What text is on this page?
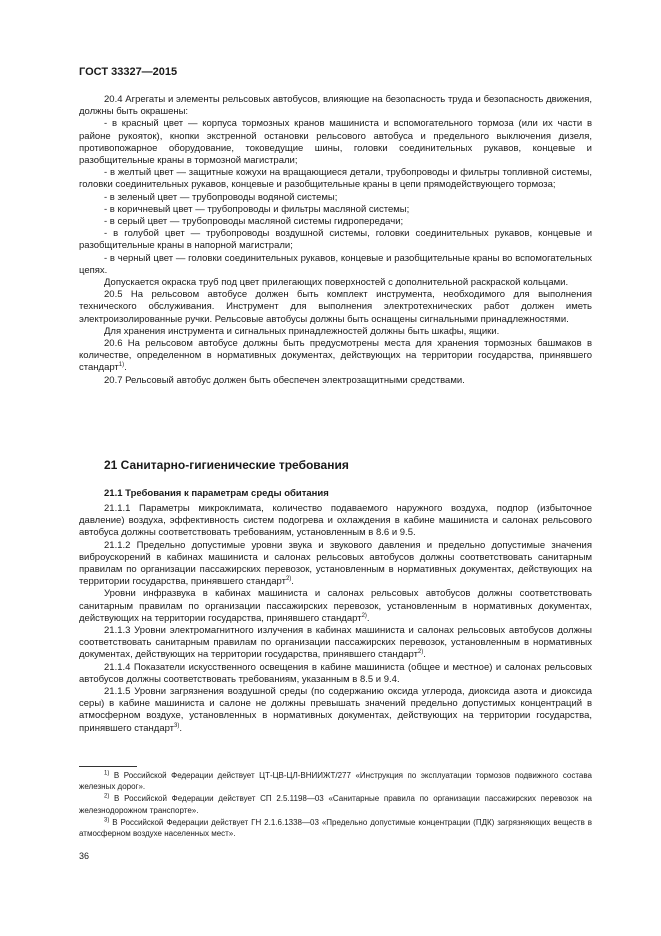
ГОСТ 33327—2015

20.4 Агрегаты и элементы рельсовых автобусов, влияющие на безопасность труда и безопасность движения, должны быть окрашены:

- в красный цвет — корпуса тормозных кранов машиниста и вспомогательного тормоза (или их части в районе рукояток), кнопки экстренной остановки рельсового автобуса и предельного выключения дизеля, противопожарное оборудование, токоведущие шины, головки соединительных рукавов, концевые и разобщительные краны в тормозной магистрали;

- в желтый цвет — защитные кожухи на вращающиеся детали, трубопроводы и фильтры топливной системы, головки соединительных рукавов, концевые и разобщительные краны в цепи прямодействующего тормоза;

- в зеленый цвет — трубопроводы водяной системы;

- в коричневый цвет — трубопроводы и фильтры масляной системы;

- в серый цвет — трубопроводы масляной системы гидропередачи;

- в голубой цвет — трубопроводы воздушной системы, головки соединительных рукавов, концевые и разобщительные краны в напорной магистрали;

- в черный цвет — головки соединительных рукавов, концевые и разобщительные краны во вспомогательных цепях.

Допускается окраска труб под цвет прилегающих поверхностей с дополнительной раскраской кольцами.

20.5 На рельсовом автобусе должен быть комплект инструмента, необходимого для выполнения технического обслуживания. Инструмент для выполнения электротехнических работ должен иметь электроизолированные ручки. Рельсовые автобусы должны быть оснащены сигнальными принадлежностями.

Для хранения инструмента и сигнальных принадлежностей должны быть шкафы, ящики.

20.6 На рельсовом автобусе должны быть предусмотрены места для хранения тормозных башмаков в количестве, определенном в нормативных документах, действующих на территории государства, принявшего стандарт$^{1)}$.

20.7 Рельсовый автобус должен быть обеспечен электрозащитными средствами.

21 Санитарно-гигиенические требования
21.1 Требования к параметрам среды обитания

21.1.1 Параметры микроклимата, количество подаваемого наружного воздуха, подпор (избыточное давление) воздуха, эффективность систем подогрева и охлаждения в кабине машиниста и салонах рельсового автобуса должны соответствовать требованиям, установленным в 8.6 и 9.5.

21.1.2 Предельно допустимые уровни звука и звукового давления и предельно допустимые значения виброускорений в кабинах машиниста и салонах рельсовых автобусов должны соответствовать санитарным правилам по организации пассажирских перевозок, установленным в нормативных документах, действующих на территории государства, принявшего стандарт$^{2)}$.

Уровни инфразвука в кабинах машиниста и салонах рельсовых автобусов должны соответствовать санитарным правилам по организации пассажирских перевозок, установленным в нормативных документах, действующих на территории государства, принявшего стандарт$^{2)}$.

21.1.3 Уровни электромагнитного излучения в кабинах машиниста и салонах рельсовых автобусов должны соответствовать санитарным правилам по организации пассажирских перевозок, установленным в нормативных документах, действующих на территории государства, принявшего стандарт$^{2)}$.

21.1.4 Показатели искусственного освещения в кабине машиниста (общее и местное) и салонах рельсовых автобусов должны соответствовать требованиям, указанным в 8.5 и 9.4.

21.1.5 Уровни загрязнения воздушной среды (по содержанию оксида углерода, диоксида азота и диоксида серы) в кабине машиниста и салоне не должны превышать значений предельно допустимых концентраций в атмосферном воздухе, установленных в нормативных документах, действующих на территории государства, принявшего стандарт$^{3)}$.

$^{1)}$ В Российской Федерации действует ЦТ-ЦВ-ЦЛ-ВНИИЖТ/277 «Инструкция по эксплуатации тормозов подвижного состава железных дорог».

$^{2)}$ В Российской Федерации действует СП 2.5.1198—03 «Санитарные правила по организации пассажирских перевозок на железнодорожном транспорте».

$^{3)}$ В Российской Федерации действует ГН 2.1.6.1338—03 «Предельно допустимые концентрации (ПДК) загрязняющих веществ в атмосферном воздухе населенных мест».

36
